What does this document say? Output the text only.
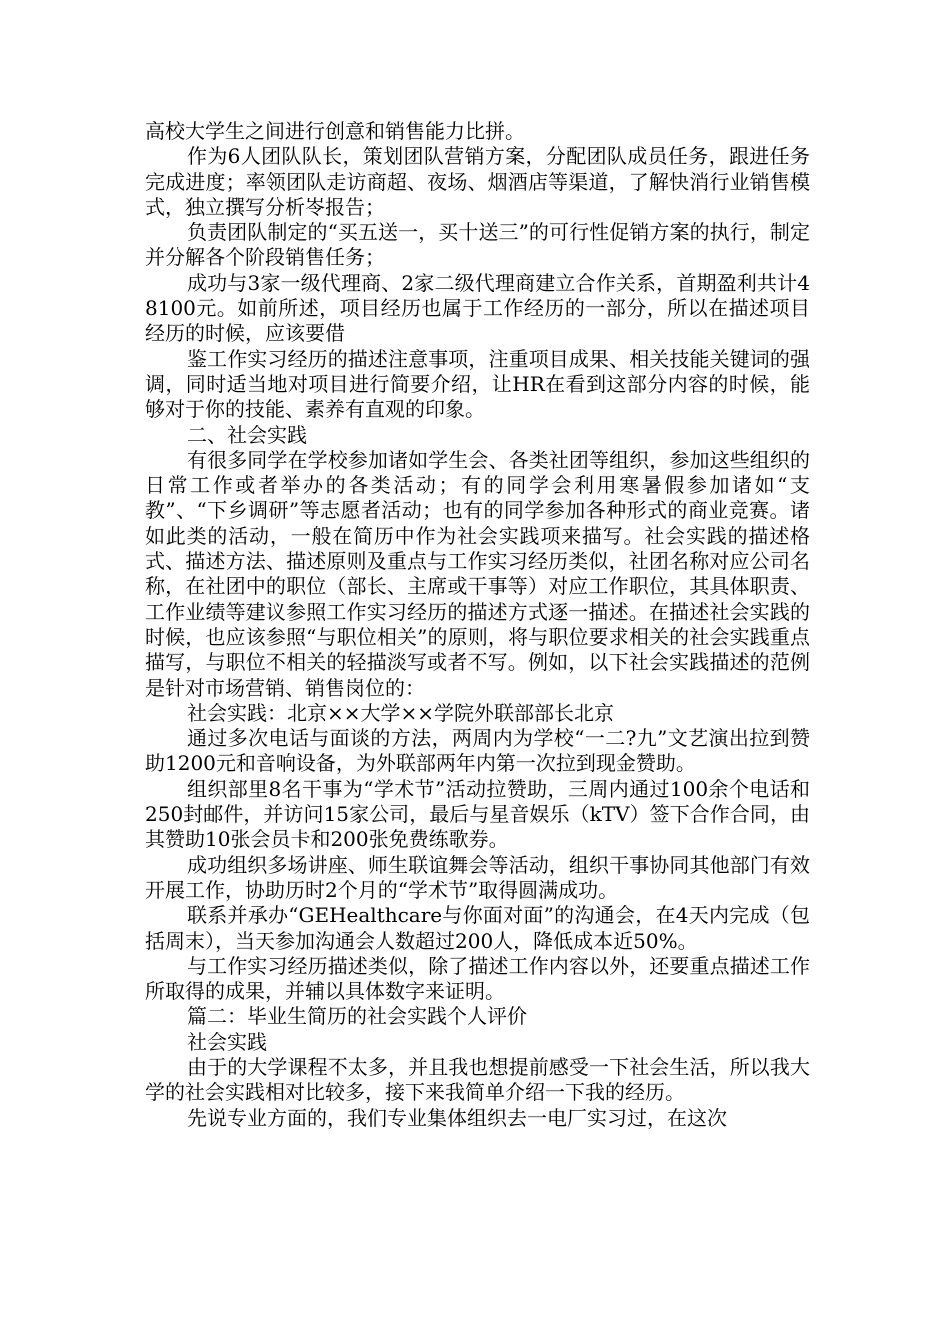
高校大学生之间进行创意和销售能力比拼。

作为6人团队队长，策划团队营销方案，分配团队成员任务，跟进任务完成进度；率领团队走访商超、夜场、烟酒店等渠道，了解快消行业销售模式，独立撰写分析岺报告；

负责团队制定的“买五送一，买十送三”的可行性促销方案的执行，制定并分解各个阶段销售任务；

成功与3家一级代理商、2家二级代理商建立合作关系，首期盈利共计48100元。如前所述，项目经历也属于工作经历的一部分，所以在描述项目经历的时候，应该要借

鉴工作实习经历的描述注意事项，注重项目成果、相关技能关键词的强调，同时适当地对项目进行简要介绍，让HR在看到这部分内容的时候，能够对于你的技能、素养有直观的印象。

二、社会实践

有很多同学在学校参加诸如学生会、各类社团等组织，参加这些组织的日常工作或者举办的各类活动；有的同学会利用寒暑假参加诸如“支教”、“下乡调研”等志愿者活动；也有的同学参加各种形式的商业竞赛。诸如此类的活动，一般在简历中作为社会实践项来描写。社会实践的描述格式、描述方法、描述原则及重点与工作实习经历类似，社团名称对应公司名称，在社团中的职位（部长、主席或干事等）对应工作职位，其具体职责、工作业绩等建议参照工作实习经历的描述方式逐一描述。在描述社会实践的时候，也应该参照“与职位相关”的原则，将与职位要求相关的社会实践重点描写，与职位不相关的轻描淡写或者不写。例如，以下社会实践描述的范例是针对市场营销、销售岗位的：

社会实践：北京××大学××学院外联部部长北京

通过多次电话与面谈的方法，两周内为学校“一二?九”文艺演出拉到赞助1200元和音响设备，为外联部两年内第一次拉到现金赞助。

组织部里8名干事为“学术节”活动拉赞助，三周内通过100余个电话和250封邮件，并访问15家公司，最后与星音娱乐（kTV）签下合作合同，由其赞助10张会员卡和200张免费练歌券。

成功组织多场讲座、师生联谊舞会等活动，组织干事协同其他部门有效开展工作，协助历时2个月的“学术节”取得圆满成功。

联系并承办“GEHealthcare与你面对面”的沟通会，在4天内完成（包括周末），当天参加沟通会人数超过200人，降低成本近50%。

与工作实习经历描述类似，除了描述工作内容以外，还要重点描述工作所取得的成果，并辅以具体数字来证明。

篇二：毕业生简历的社会实践个人评价

社会实践

由于的大学课程不太多，并且我也想提前感受一下社会生活，所以我大学的社会实践相对比较多，接下来我简单介绍一下我的经历。

先说专业方面的，我们专业集体组织去一电厂实习过，在这次
